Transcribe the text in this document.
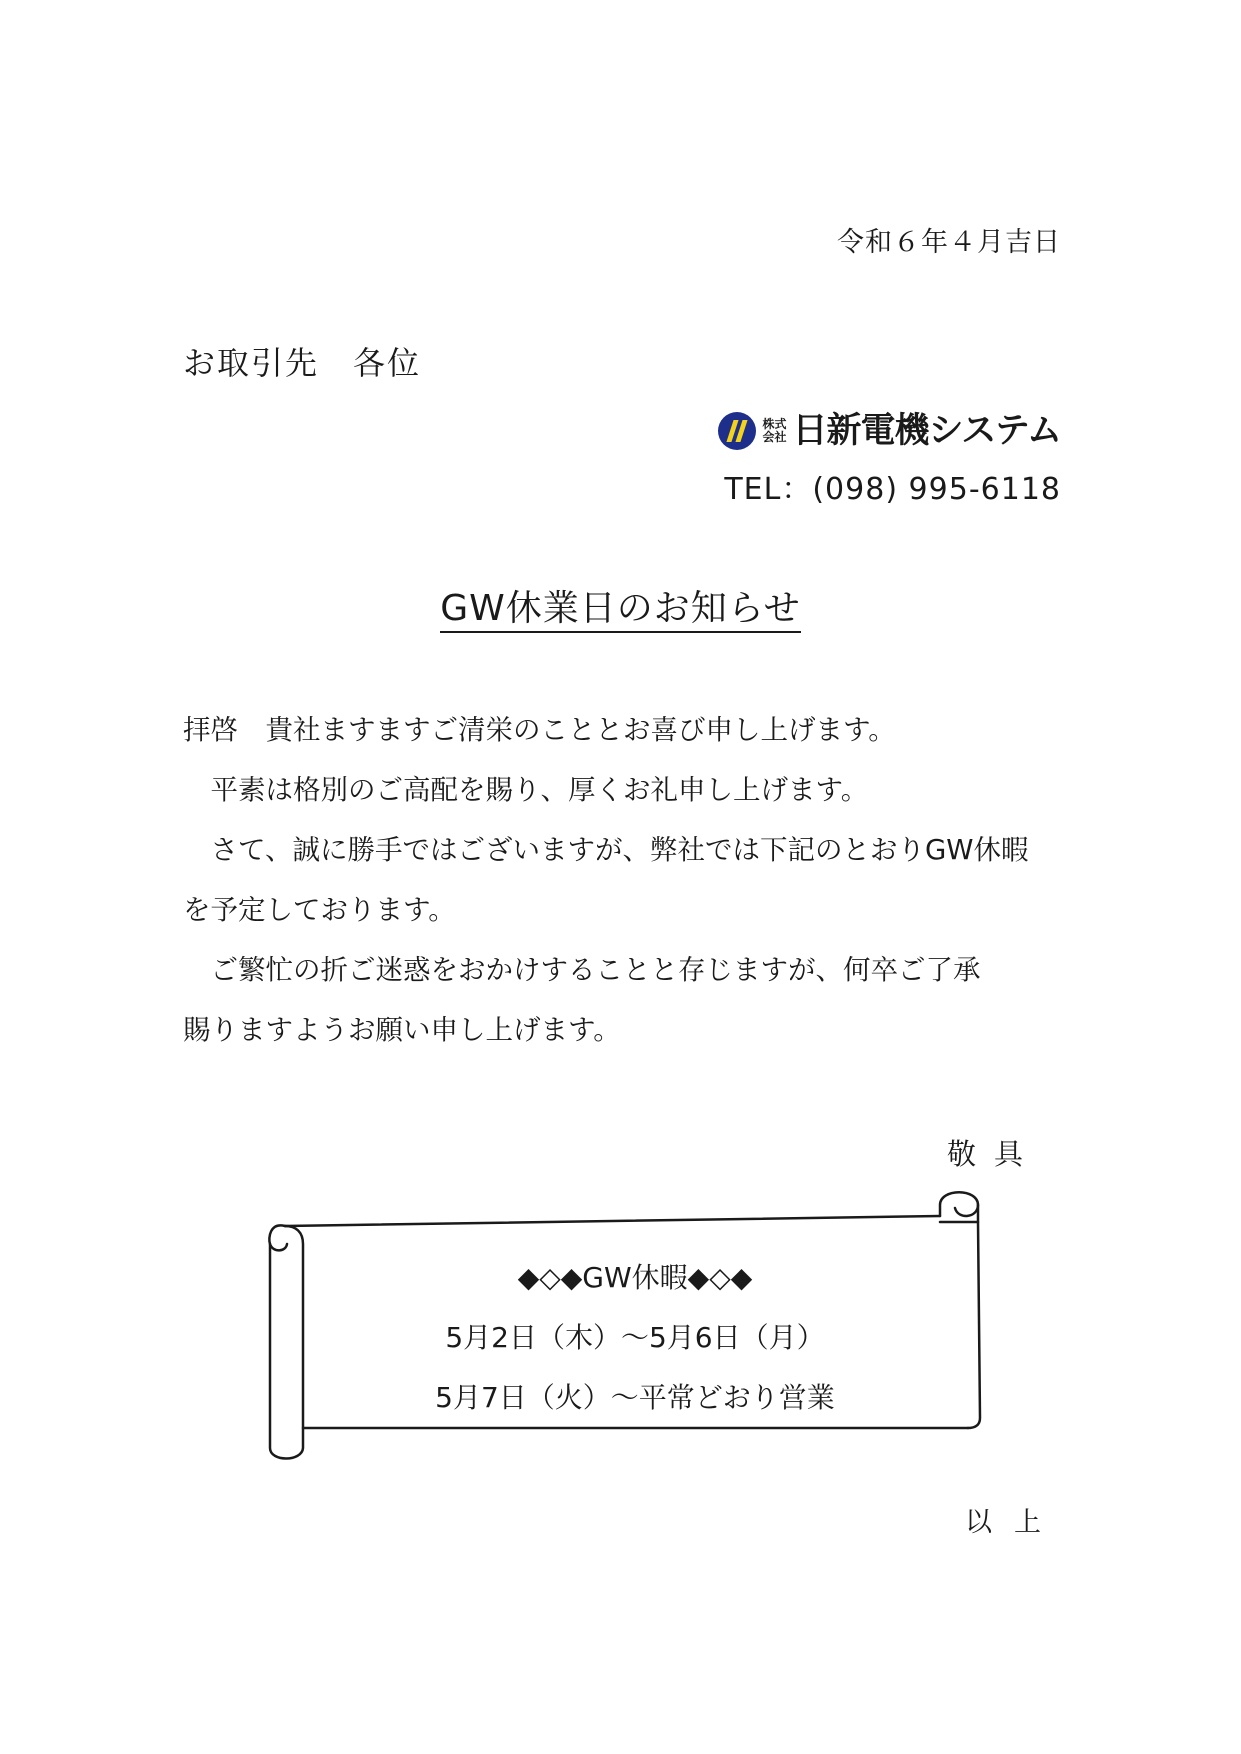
令和６年４月吉日

お取引先　各位

株式
会社 日新電機システム

TEL：(098) 995-6118

GW休業日のお知らせ

拝啓　貴社ますますご清栄のこととお喜び申し上げます。

　平素は格別のご高配を賜り、厚くお礼申し上げます。

　さて、誠に勝手ではございますが、弊社では下記のとおりGW休暇

を予定しております。

　ご繁忙の折ご迷惑をおかけすることと存じますが、何卒ご了承

賜りますようお願い申し上げます。

敬具

◆◇◆GW休暇◆◇◆

5月2日（木）～5月6日（月）

5月7日（火）～平常どおり営業

以上
